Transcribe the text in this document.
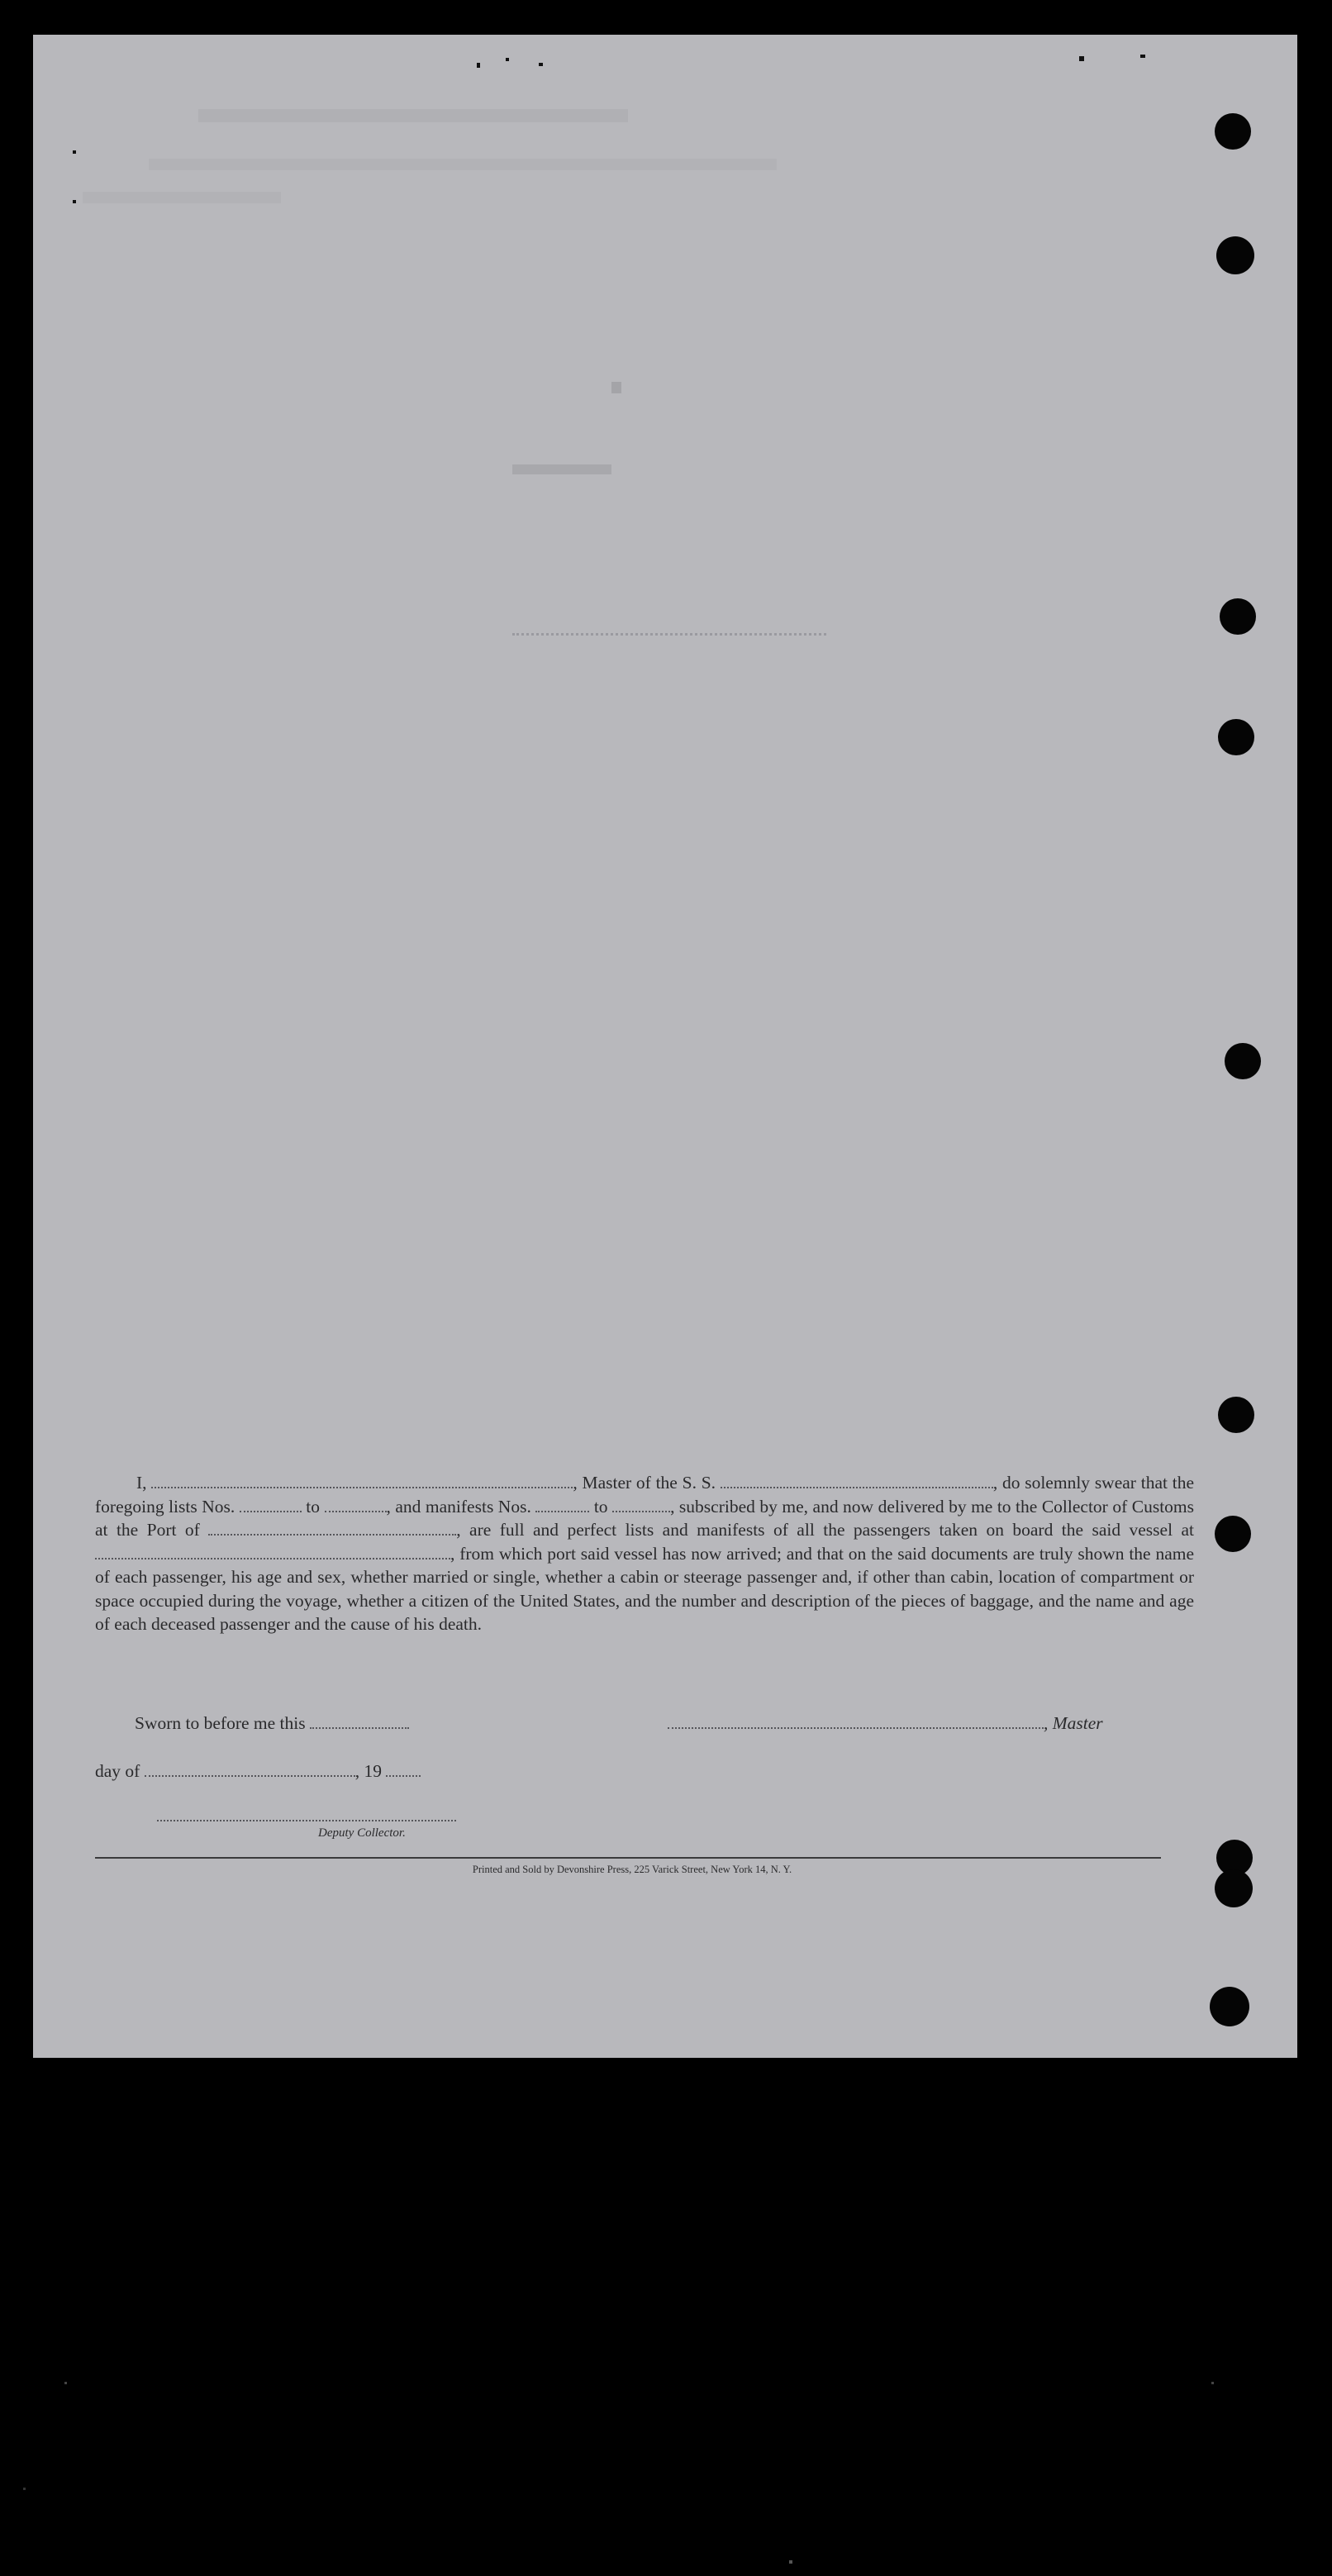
I,	, Master of the S. S.	, do solemnly swear that the foregoing lists Nos.	to	, and manifests Nos.	to	, subscribed by me, and now delivered by me to the Collector of Customs at the Port of	, are full and perfect lists and manifests of all the passengers taken on board the said vessel at , from which port said vessel has now arrived; and that on the said documents are truly shown the name of each passenger, his age and sex, whether married or single, whether a cabin or steerage passenger and, if other than cabin, location of compartment or space occupied during the voyage, whether a citizen of the United States, and the number and description of the pieces of baggage, and the name and age of each deceased passenger and the cause of his death.

Sworn to before me this	, Master
day of	, 19
Deputy Collector.
Printed and Sold by Devonshire Press, 225 Varick Street, New York 14, N. Y.
